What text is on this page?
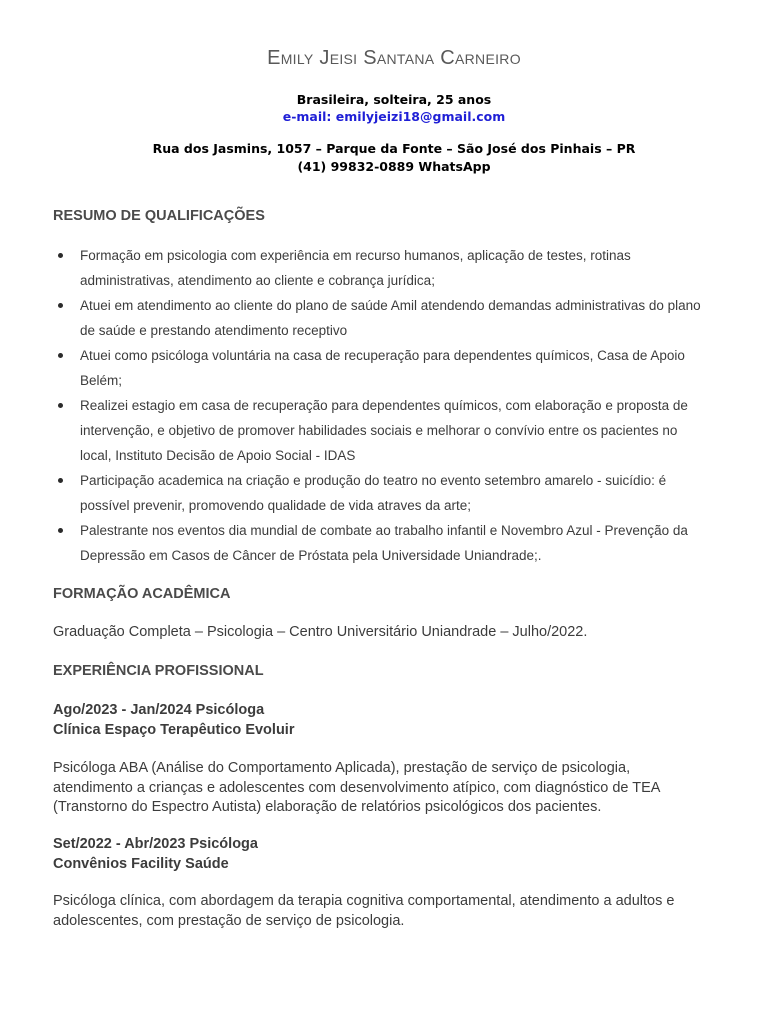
Emily Jeisi Santana Carneiro
Brasileira, solteira, 25 anos
e-mail: emilyjeizi18@gmail.com
Rua dos Jasmins, 1057 – Parque da Fonte – São José dos Pinhais – PR
(41) 99832-0889 WhatsApp
RESUMO DE QUALIFICAÇÕES
Formação em psicologia com experiência em recurso humanos, aplicação de testes, rotinas administrativas, atendimento ao cliente e cobrança jurídica;
Atuei em atendimento ao cliente do plano de saúde Amil atendendo demandas administrativas do plano de saúde e prestando atendimento receptivo
Atuei como psicóloga voluntária na casa de recuperação para dependentes químicos, Casa de Apoio Belém;
Realizei estagio em casa de recuperação para dependentes químicos, com elaboração e proposta de intervenção, e objetivo de promover habilidades sociais e melhorar o convívio entre os pacientes no local, Instituto Decisão de Apoio Social - IDAS
Participação academica na criação e produção do teatro no evento setembro amarelo - suicídio: é possível prevenir, promovendo qualidade de vida atraves da arte;
Palestrante nos eventos dia mundial de combate ao trabalho infantil e Novembro Azul - Prevenção da Depressão em Casos de Câncer de Próstata pela Universidade Uniandrade;.
FORMAÇÃO ACADÊMICA
Graduação Completa – Psicologia – Centro Universitário Uniandrade – Julho/2022.
EXPERIÊNCIA PROFISSIONAL
Ago/2023 - Jan/2024 Psicóloga
Clínica Espaço Terapêutico Evoluir
Psicóloga ABA (Análise do Comportamento Aplicada), prestação de serviço de psicologia, atendimento a crianças e adolescentes com desenvolvimento atípico, com diagnóstico de TEA (Transtorno do Espectro Autista) elaboração de relatórios psicológicos dos pacientes.
Set/2022 - Abr/2023 Psicóloga
Convênios Facility Saúde
Psicóloga clínica, com abordagem da terapia cognitiva comportamental, atendimento a adultos e adolescentes, com prestação de serviço de psicologia.
